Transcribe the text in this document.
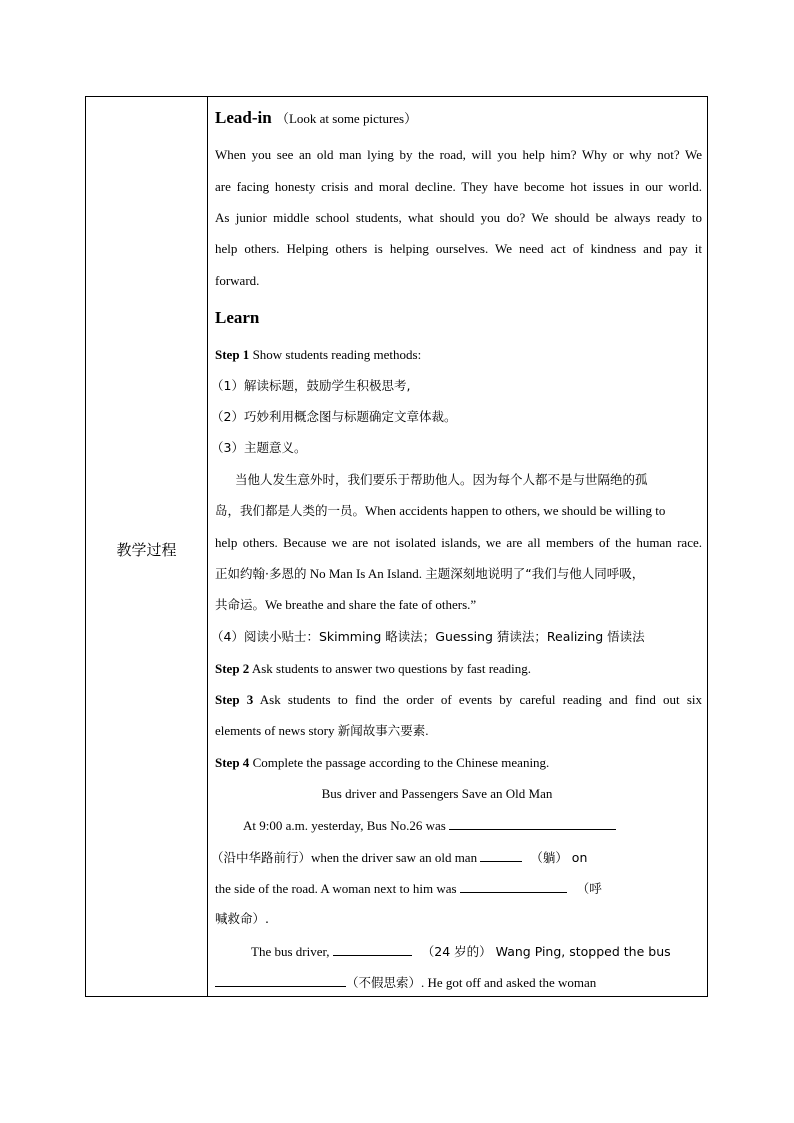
教学过程
Lead-in （Look at some pictures）
When you see an old man lying by the road, will you help him? Why or why not? We
are facing honesty crisis and moral decline. They have become hot issues in our world.
As junior middle school students, what should you do? We should be always ready to
help others. Helping others is helping ourselves. We need act of kindness and pay it
forward.
Learn
Step 1 Show students reading methods:
（1）解读标题，鼓励学生积极思考,
（2）巧妙利用概念图与标题确定文章体裁。
（3）主题意义。
当他人发生意外时，我们要乐于帮助他人。因为每个人都不是与世隔绝的孤
岛，我们都是人类的一员。When accidents happen to others, we should be willing to
help others. Because we are not isolated islands, we are all members of the human race.
正如约翰·多恩的 No Man Is An Island. 主题深刻地说明了“我们与他人同呼吸，
共命运。We breathe and share the fate of others.”
（4）阅读小贴士：Skimming 略读法；Guessing 猜读法；Realizing 悟读法
Step 2 Ask students to answer two questions by fast reading.
Step 3 Ask students to find the order of events by careful reading and find out six
elements of news story 新闻故事六要素.
Step 4 Complete the passage according to the Chinese meaning.
Bus driver and Passengers Save an Old Man
At 9:00 a.m. yesterday, Bus No.26 was
（沿中华路前行）when the driver saw an old man	（躺） on
the side of the road. A woman next to him was	（呼
喊救命）.
The bus driver,	（24 岁的） Wang Ping, stopped the bus
（不假思索）. He got off and asked the woman
